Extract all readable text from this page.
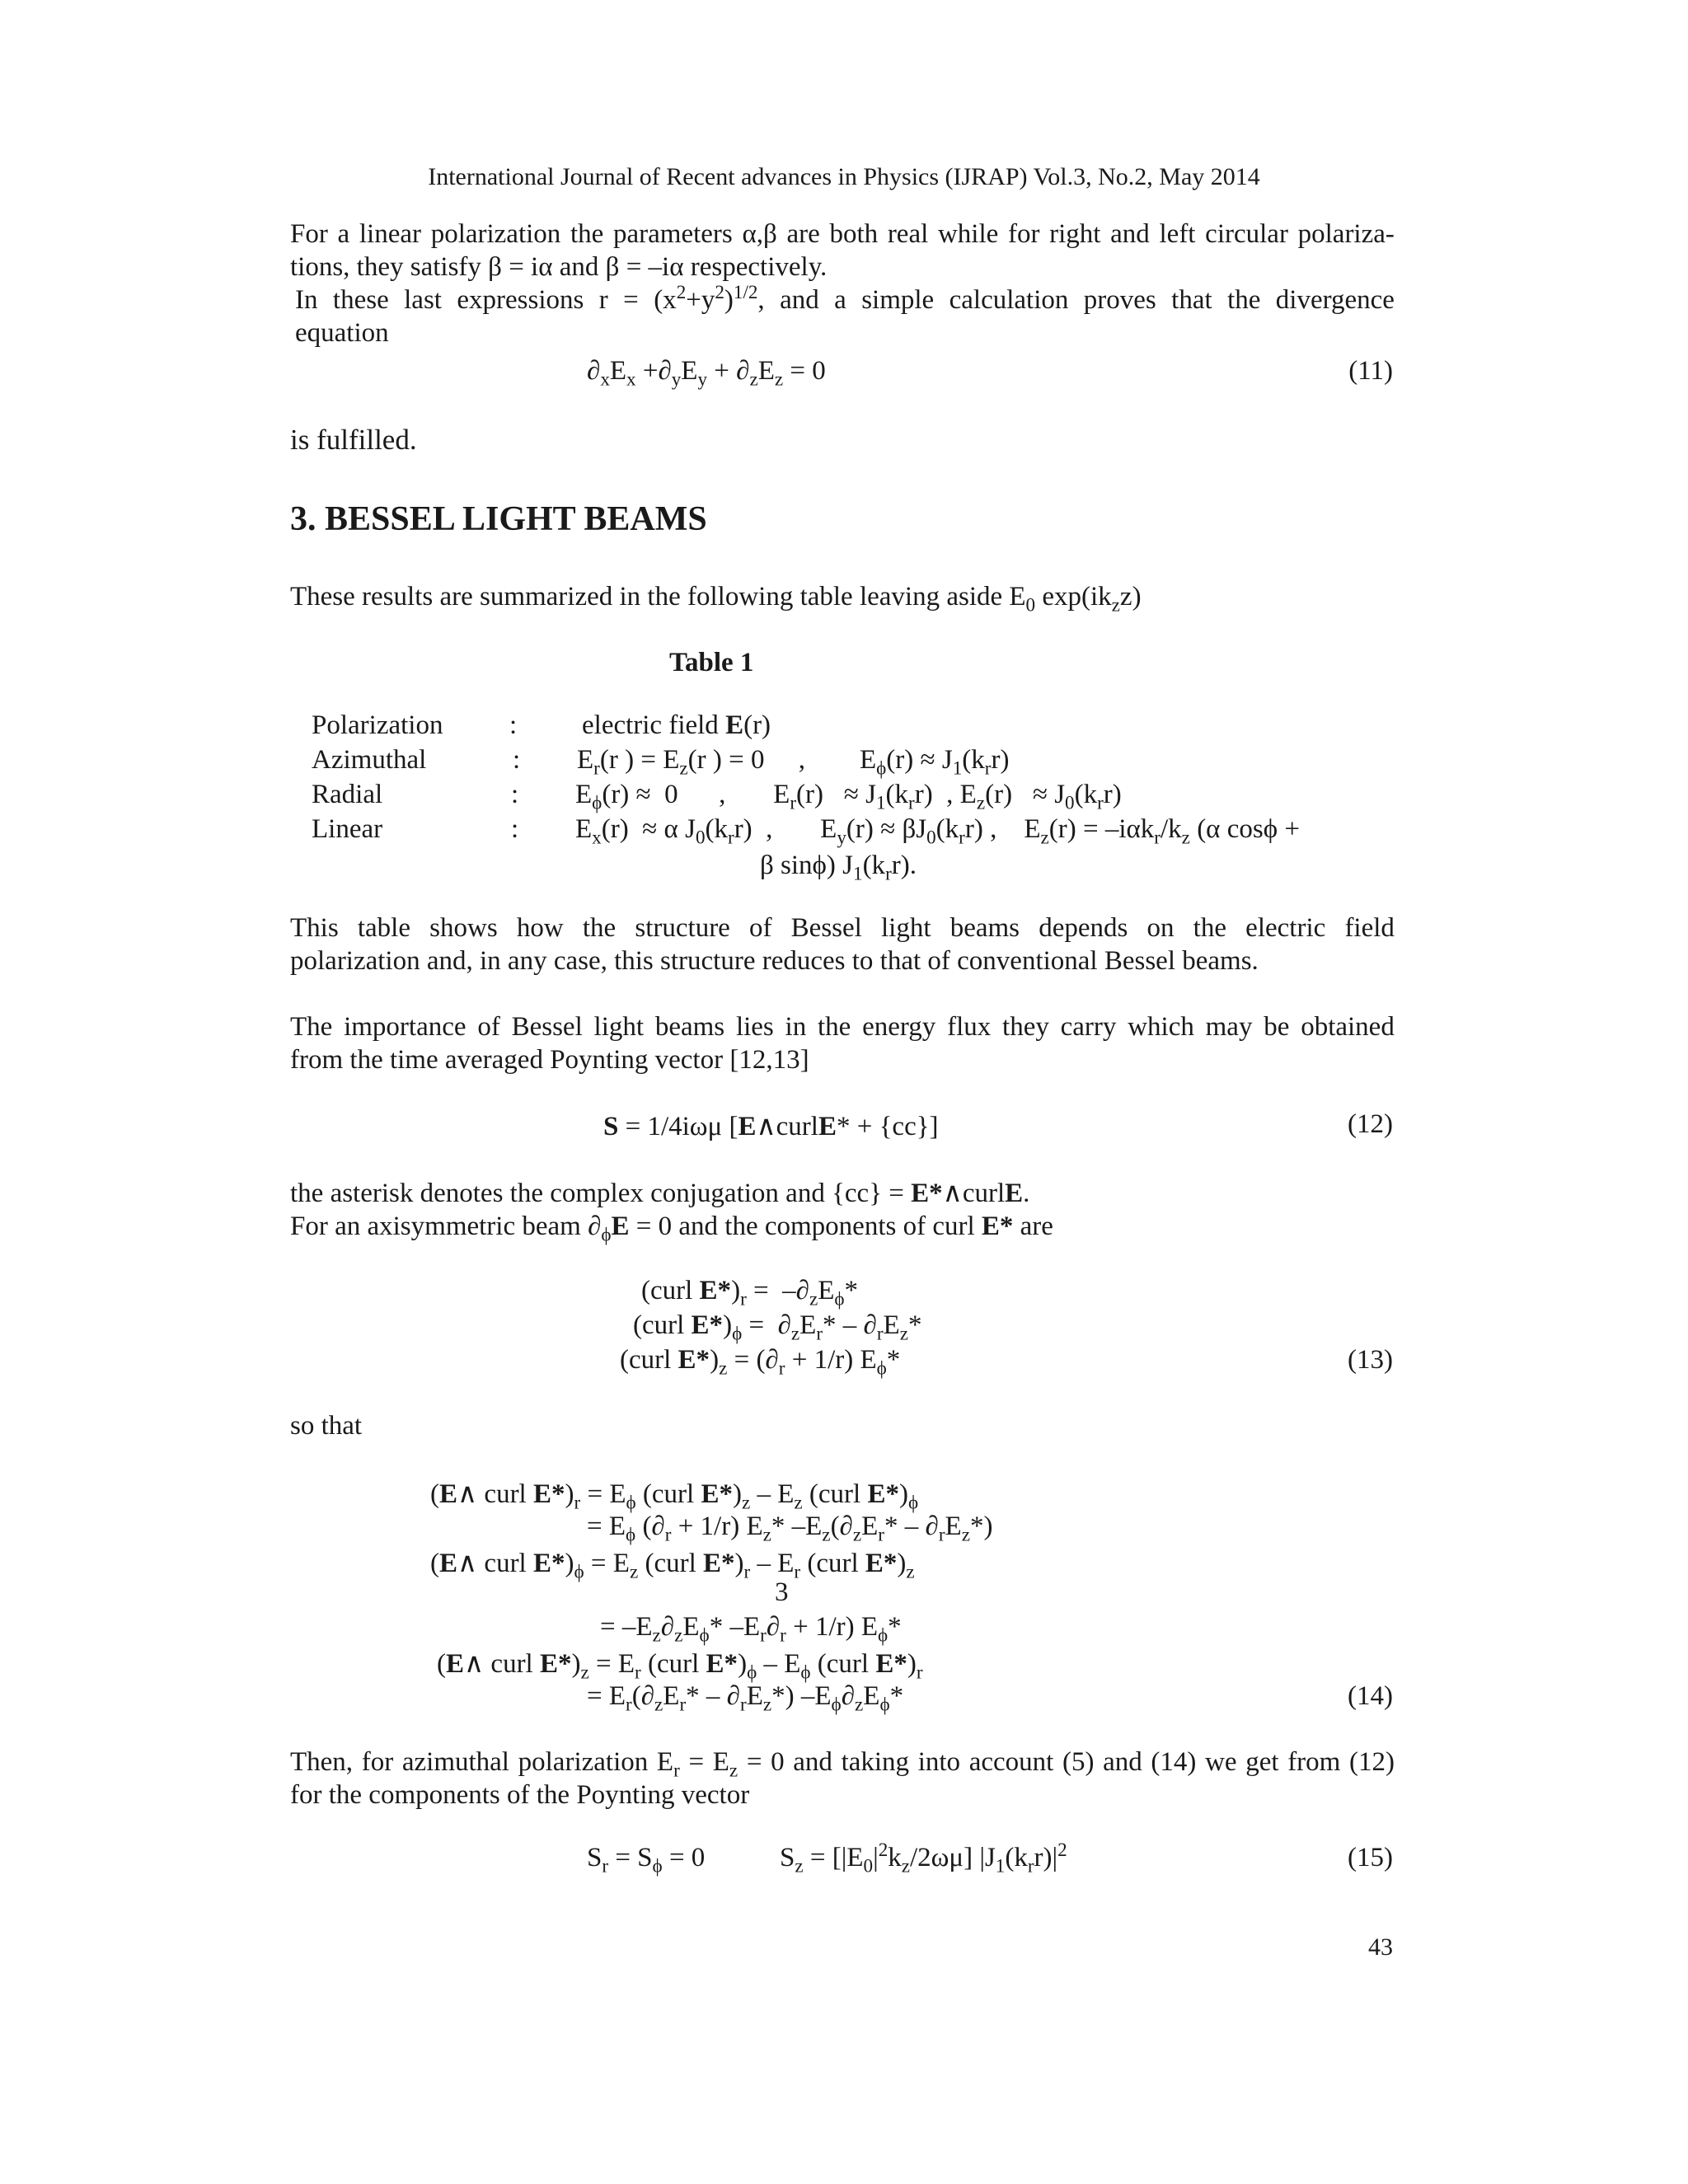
International Journal of Recent advances in Physics (IJRAP) Vol.3, No.2, May 2014
For a linear polarization the parameters α,β are both real while for right and left circular polariza-
tions, they satisfy β = iα and β = –iα respectively.
In these last expressions $r = (x^2+y^2)^{1/2}$, and a simple calculation proves that the divergence
equation
$\partial_xE_x +\partial_yE_y + \partial_zE_z = 0$	(11)
is fulfilled.
3. BESSEL LIGHT BEAMS
These results are summarized in the following table leaving aside $E_0$ $\exp(ik_zz)$
Table 1
Polarization : electric field E(r)
Azimuthal	: $E_r(r$ ) = $E_z(r$ ) = 0     ,        $E_\phi(r) \approx J_1(k_rr)$
Radial	: $E_\phi(r) \approx 0$      ,       $E_r(r) \approx J_1(k_rr)$  , $E_z(r) \approx J_0(k_rr)$
Linear	: $E_x(r) \approx \alpha$ $J_0(k_rr)$  ,       $E_y(r) \approx \beta J_0(k_rr)$ ,    $E_z(r) = -i\alpha k_r/k_z$ (α cosϕ +
β sinϕ) $J_1(k_rr)$.
This table shows how the structure of Bessel light beams depends on the electric field
polarization and, in any case, this structure reduces to that of conventional Bessel beams.
The importance of Bessel light beams lies in the energy flux they carry which may be obtained
from the time averaged Poynting vector [12,13]
S = 1/4iωμ [E∧curlE* + {cc}]	(12)
the asterisk denotes the complex conjugation and {cc} = E*∧curlE.
For an axisymmetric beam $\partial_\phi E = 0$ and the components of curl E* are
(curl $E*)_r = -\partial_zE_\phi*$
(curl $E*)_\phi = \partial_zE_r* - \partial_rE_z*$
(curl $E*)_z = (\partial_r + 1/r)$ $E_\phi*$	(13)
so that
(E∧ curl $E*)_r = E_\phi$ (curl $E*)_z - E_z$ (curl $E*)_\phi$
= $E_\phi$ $(\partial_r + 1/r)$ $E_z*$ $-E_z(\partial_zE_r* - \partial_rE_z*)$
(E∧ curl $E*)_\phi = E_z$ (curl $E*)_r - E_r$ (curl $E*)_z$
3
= $-E_z\partial_zE_\phi*$ $-E_r\partial_r + 1/r$) $E_\phi*$
(E∧ curl $E*)_z = E_r$ (curl $E*)_\phi - E_\phi$ (curl $E*)_r$
= $E_r(\partial_zE_r* - \partial_rE_z*)$ $-E_\phi\partial_zE_\phi*$	(14)
Then, for azimuthal polarization $E_r = E_z = 0$ and taking into account (5) and (14) we get from (12)
for the components of the Poynting vector
$S_r = S_\phi = 0$           $S_z = [|E_0|^2k_z/2\omega\mu]$ $|J_1(k_rr)|^2$	(15)
43
